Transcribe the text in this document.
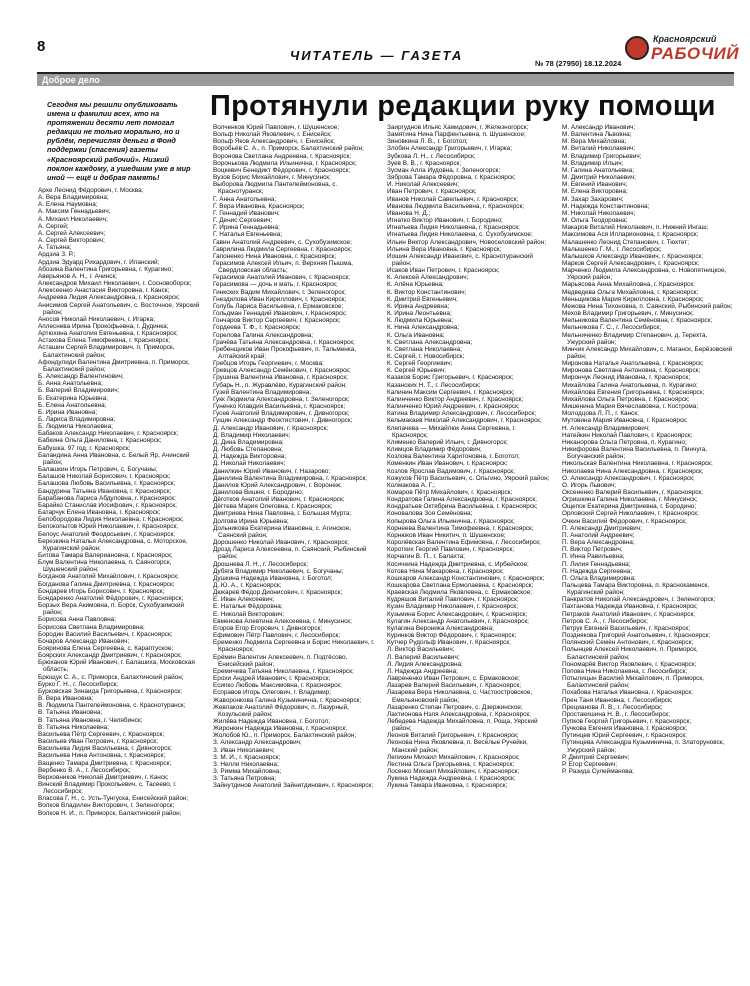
8
ЧИТАТЕЛЬ — ГАЗЕТА
Красноярский
РАБОЧИЙ
№ 78 (27950) 18.12.2024
Доброе дело
Протянули редакции руку помощи
Сегодня мы решили опубликовать имена и фамилии всех, кто на протяжении десяти лет помогал редакции не только морально, но и рублём, перечисляя деньги в Фонд поддержки (спасения) газеты «Красноярский рабочий». Низкий поклон каждому, а ушедшим уже в мир иной — ещё и добрая память!

Архе Леонид Фёдорович, г. Москва;

А. Вера Владимировна;

А. Елена Наумовна;

А. Максим Геннадьевич;

А. Михаил Николаевич;

А. Сергей;

А. Сергей Алексеевич;

А. Сергей Викторович;

А. Татьяна;

Ардзиа З. Р.;

Ардзиа Эдуард Рихардович, г. Иланский;

Абозина Валентина Григорьевна, г. Курагино;

Аверьянов А. Н., г. Ачинск;

Александров Михаил Николаевич, г. Сосновоборск;

Алексеенко Анастасия Викторовна, г. Канск;

Андреева Лидия Александровна, г. Красноярск;

Анисимов Сергей Анатольевич, с. Восточное, Уярский район;

Аносов Николай Николаевич, г. Игарка;

Аплеснева Ирина Прокофьевна, г. Дудинка;

Артюхина Анатолия Евгеньевна, г. Красноярск;

Астахова Елена Тимофеевна, г. Красноярск;

Асташин Сергей Владимирович, п. Приморск, Балахтинский район;

Афондулиди Валентина Дмитриевна, п. Приморск, Балахтинский район;

Б. Александр Валентинович;

Б. Анна Анатольевна;

Б. Валерий Владимирович;

Б. Екатерина Юрьевна;

Б. Елена Анатольевна;

Б. Ирина Ивановна;

Б. Лариса Владимировна;

Б. Людмила Николаевна;

Бабаков Александр Николаевич, г. Красноярск;

Бабкина Ольга Даниловна, г. Красноярск;

Бабушка, 97 год, г. Красноярск;

Баландина Анна Ивановна, с. Белый Яр, Ачинский район;

Балашкин Игорь Петрович, с. Богучаны;

Балашов Николай Борисович, г. Красноярск;

Балашова Любовь Васильевна, г. Красноярск;

Бандурина Татьяна Ивановна, г. Красноярск;

Барабанова Лариса Абдуловна, г. Красноярск;

Барайко Станислав Иосифович, г. Красноярск;

Батарчук Елена Ивановна, г. Красноярск;

Белобородова Лидия Николаевна, г. Красноярск;

Белокопытов Юрий Николаевич, г. Красноярск;

Белоус Анатолий Феодосьевич, г. Красноярск;

Березкина Наталья Александровна, с. Моторское, Курагинский район;

Битова Тамара Валериановна, г. Красноярск;

Блум Валентина Николаевна, п. Саяногорск, Шушенский район;

Богданов Анатолий Михайлович, г. Красноярск;

Богданова Галина Дмитриевна, г. Красноярск;

Бондарев Игорь Борисович, г. Красноярск;

Бондаренко Анатолий Фёдорович, г. Красноярск;

Борзых Вера Акимовна, п. Борск, Сухобузимский район;

Борисова Анна Павловна;

Борисова Светлана Владимировна;

Бородин Василий Васильевич, г. Красноярск;

Бочаров Александр Иванович;

Бояринова Елена Сергеевна, с. Караптуское;

Боярских Александр Дмитриевич, г. Красноярск;

Брюханов Юрий Иванович, г. Балашиха, Московская область;

Брющук С. А., с. Приморск, Балахтинский район;

Бурко Г. Н., г. Лесосибирск;

Бурковская Зинаида Григорьевна, г. Красноярск;

В. Вера Ивановна;

В. Людмила Пантелеймоновна, с. Краснотуранск;

В. Татьяна Ивановна;

В. Татьяна Ивановна, г. Челябинск;

В. Татьяна Николаевна;

Васильева Пётр Сергеевич, г. Красноярск;

Васильев Иван Петрович, г. Красноярск;

Васильева Лидия Васильевна, г. Дивногорск;

Васильева Нина Антоновна, г. Красноярск;

Ващенко Тамара Дмитриевна, г. Красноярск;

Вербенко В. А., г. Лесосибирск;

Верховников Николай Дмитриевич, г. Канск;

Винский Владимир Прокопьевич, с. Тасеево, г. Лесосибирск;

Власова Г. Н., с. Усть-Тунгуска, Енисейский район;

Волков Владилен Викторович, г. Зеленогорск;

Волков Н. И., п. Приморск, Балахтинский район;

Волченков Юрий Павлович, г. Шушенское;

Вольф Николай Яковлевич, г. Енисейск;

Вольф Яков Александрович, г. Енисейск;

Воробьёв С. А., п. Приморск, Балахтинский район;

Воронова Светлана Андреевна, г. Красноярск;

Воронькова Людмила Ильинична, г. Красноярск;

Воцкевич Бенедикт Фёдорович, г. Красноярск;

Вузов Борис Михайлович, г. Минусинск;

Выборова Людмила Пантелеймоновна, с. Краснотуранск;

Г. Анна Анатольевна;

Г. Вера Ивановна, Красноярск;

Г. Геннадий Иванович;

Г. Денис Сергеевич;

Г. Ирина Геннадьевна;

Г. Наталья Евгеньевна;

Гавин Анатолий Андреевич, с. Сухобузимское;

Гаврилина Людмила Сергеевна, г. Красноярск;

Гапоненко Нина Ивановна, г. Красноярск;

Герасимов Алексей Ильич, п. Верхняя Пышма, Свердловская область;

Герасимов Анатолий Иванович, г. Красноярск;

Герасимова — дочь и мать, г. Красноярск;

Гинкских Вадим Михайлович, г. Зеленогорск;

Гнездилова Иван Кириллович, г. Красноярск;

Голубь Лариса Васильевна, г. Ермаковское;

Гольдман Геннадий Иванович, г. Красноярск;

Гончаров Виктор Сергеевич, г. Красноярск;

Гордеева Т. Ф., г. Красноярск;

Горелова Галина Александровна;

Грачёва Татьяна Александровна, г. Красноярск;

Гребенщиков Иван Прокофьевич, п. Тальменка, Алтайский край;

Гребцов Игорь Георгиевич, г. Москва;

Гревцов Александр Семёнович, г. Красноярск;

Грушина Валентина Ивановна, г. Красноярск;

Губарь Н., п. Журавлёво, Курагинский район;

Гузей Валентина Владимировна;

Гукк Людмила Александровна, г. Зеленогорск;

Гуненко Клавдия Васильевна, г. Красноярск;

Гусев Анатолий Владимирович, г. Дивногорск;

Гущин Александр Феоктистович, г. Дивногорск;

Д. Александр Иванович, г. Красноярск;

Д. Владимир Николаевич;

Д. Дина Владимировна;

Д. Любовь Степановна;

Д. Надежда Викторовна;

Д. Николай Николаевич;

Данилкин Юрий Иванович, г. Назарово;

Данилина Валентина Владимировна, г. Красноярск;

Данилов Юрий Александрович, г. Воронеж;

Данилова Вишня, г. Бородино;

Дёготков Анатолий Иванович, г. Красноярск;

Дёгтева Мария Олеговна, г. Красноярск;

Дмитриева Нина Павловна, г. Большая Мурта;

Долгова Ирина Юрьевна;

Дольникова Екатерина Ивановна, с. Агинское, Саянский район;

Дорошенко Николай Иванович, г. Красноярск;

Дрозд Лариса Алексеевна, п. Саянский, Рыбинский район;

Дрошнева Л. Н., г. Лесосибирск;

Дубяга Владимир Николаевич, с. Богучаны;

Душкина Надежда Ивановна, г. Боготол;

Д. Ю. А., г. Красноярск;

Дюкарев Фёдор Дионисович, г. Красноярск;

Е. Иван Алексеевич;

Е. Наталья Фёдоровна;

Е. Николай Викторович;

Евменова Алевтина Алексеевна, г. Минусинск;

Егоров Егор Егорович, г. Дивногорск;

Ефимович Пётр Павлович, г. Лесосибирск;

Еременко Людмила Сергеевна и Борис Николаевич, г. Красноярск;

Ерёмин Валентин Алексеевич, п. Подтёсово, Енисейский район;

Еремичева Татьяна Николаевна, г. Красноярск;

Ерохи Андрей Иванович, г. Красноярск;

Есипко Любовь Максимовна, г. Красноярск;

Есправов Игорь Олегович, г. Владимир;

Жаворонкова Галина Кузьминична, г. Красноярск;

Жевлаков Анатолий Фёдорович, п. Лазурный, Козульский район;

Жилёва Надежда Ивановна, г. Боготол;

Жиронкин Надежда Ивановна, г. Красноярск;

Жолобов Ю., п. Приморск, Балахтинский район;

З. Александр Александрович;

З. Иван Николаевич;

З. М. И., г. Красноярск;

З. Нелли Николаевна;

З. Римма Михайловна;

З. Татьяна Петровна;

Зайнутдинов Анатолий Зайнитдинович, г. Красноярск;

Заиргуднов Ильяс Хамидович, г. Железногорск;

Замятина Нина Парфентьевна, п. Шушенское;

Зиновкина Л. В., г. Боготол;

Злобин Александр Григорьевич, г. Игарка;

Зубкова Л. Н., г. Лесосибирск;

Зуев В. В., г. Красноярск;

Зусман Алла Иудовна, г. Зеленогорск;

Зяброва Тамара Фёдоровна, г. Красноярск;

И. Николай Алексеевич;

Иван Петрович, г. Красноярск;

Иванов Николай Савельевич, г. Красноярск;

Иванова Людмила Васильевна, г. Красноярск;

Иванова Н. Д.;

Игнатко Виктор Иванович, г. Бородино;

Игнатьева Лидия Николаевна, г. Красноярск;

Игнатьева Лидия Николаевна, с. Сухобузимское;

Ильин Виктор Александрович, Новоселовский район;

Ильина Вера Ивановна, г. Красноярск;

Иошин Александр Иванович, с. Краснотуранский район;

Исаков Иван Петрович, г. Красноярск;

К. Алексей Александрович;

К. Алёна Юрьевна;

К. Виктор Константинович;

К. Дмитрий Евгеньевич;

К. Ирина Андреевна;

К. Ирина Леонтьевна;

К. Людмила Юрьевна;

К. Нина Александровна;

К. Ольга Ивановна;

К. Светлана Александровна;

К. Светлана Николаевна;

К. Сергей, г. Новосибирск;

К. Сергей Георгиевич;

К. Сергей Юрьевич;

Казаков Борис Григорьевич, г. Красноярск;

Казанских Н. Т., г. Лесосибирск;

Калинин Максим Сергеевич, г. Красноярск;

Калинченко Виктор Андреевич, г. Красноярск;

Калинченко Юрий Андреевич, г. Красноярск;

Катина Владимир Александрович, г. Лесосибирск;

Кельмакаев Николай Александрович, г. Красноярск;

Клепачева — Михайлюк Анна Сергеевна, г. Красноярск;

Клименко Валерий Ильич, г. Дивногорск;

Климцов Владимир Фёдорович;

Козлова Валентина Харитоновна, г. Боготол;

Коменкин Иван Иванович, г. Красноярск;

Козлов Ярослав Вадимович, г. Красноярск;

Кожухов Пётр Васильевич, с. Ольгино, Уярский район;

Колмакова А. Г.;

Комаров Пётр Михайлович, г. Красноярск;

Кондратова Галина Александровна, г. Красноярск;

Кондратьев Октябрина Васильевна, г. Красноярск;

Коновалова Зоя Семёновна;

Копырова Ольга Ильинична, г. Красноярск;

Корнеева Валентина Тимофеевна, г. Красноярск;

Корнюков Иван Никитич, п. Шушенское;

Королёвская Валентина Ефимовна, г. Лесосибирск;

Коротких Георгий Павлович, г. Красноярск;

Корчагин В. П., г. Балахта;

Косичкина Надежда Дмитриевна, с. Ирбейское;

Котова Нина Макаровна, г. Красноярск;

Кошкаров Александр Константинович, г. Красноярск;

Кошкарова Светлана Ермолаевна, г. Красноярск;

Краевская Людмила Яковлевна, с. Ермаковское;

Кудряшов Виталий Павлович, г. Красноярск;

Кузин Владимир Николаевич, г. Красноярск;

Кузьмина Борис Александрович, г. Красноярск;

Кулагин Александр Анатольевич, г. Красноярск;

Кулагина Вероника Александровна;

Куринков Виктор Фёдорович, г. Красноярск;

Кутчер Рудольф Иванович, г. Красноярск;

Л. Виктор Васильевич;

Л. Валерий Васильевич;

Л. Лидия Александровна;

Л. Надежда Андреевна;

Лаврененко Иван Петрович, с. Ермаковское;

Лазарев Валерий Васильевич, г. Красноярск;

Лазарева Вера Николаевна, с. Частоостровское, Емельяновский район;

Лазаренко Степан Петрович, с. Дзержинское;

Лахтионова Нэля Александровна, г. Красноярск;

Лебедева Надежда Михайловна, п. Роща, Уярский район;

Леонов Виталий Григорьевич, г. Красноярск;

Леонова Нина Яковлевна, п. Весёлые Ручейки, Манский район;

Лепихин Михаил Михайлович, г. Красноярск;

Лестина Ольга Григорьевна, г. Красноярск;

Лосенко Михаил Михайлович, г. Красноярск;

Лукина Надежда Андреевна, г. Красноярск;

Лукина Тамара Ивановна, г. Красноярск;

М. Александр Иванович;

М. Валентина Львовна;

М. Вера Михайловна;

М. Виталий Николаевич;

М. Владимир Григорьевич;

М. Владимир Ильич;

М. Галина Анатольевна;

М. Дмитрий Николаевич;

М. Евгений Иванович;

М. Елена Викторовна;

М. Захар Захарович;

М. Надежда Константиновна;

М. Николай Николаевич;

М. Ольга Теодоровна;

Макаров Виталий Николаевич, п. Нижний Ингаш;

Максимова Ася Илларионовна, г. Красноярск;

Малашенко Леонид Степанович, г. Тюхтет;

Малышенко Г. М., г. Лесосибирск;

Малышков Александр Иванович, г. Красноярск;

Марков Сергей Александрович, г. Красноярск;

Марченко Людмила Александровна, с. Новопятницкое, Уярский район;

Марьясова Анна Михайловна, г. Красноярск;

Медведева Ольга Михайловна, г. Красноярск;

Меньщикова Мария Кирилловна, г. Красноярск;

Межова Нина Тихоновна, п. Саянский, Рыбинский район;

Мехов Владимир Григорьевич, г. Минусинск;

Мельникова Валентина Семёновна, г. Красноярск;

Мельникова Г. С., г. Лесосибирск;

Мельниченко Владимир Степанович, д. Терехта, Ужурский район;

Минчик Александр Михайлович, с. Маганск, Берёзовский район;

Миронова Наталья Анатольевна, г. Красноярск;

Миронова Светлана Антоновна, г. Красноярск;

Мирончук Леонид Ивановна, г. Красноярск;

Михайлова Галина Анатольевна, п. Курагино;

Михайлова Евгения Григорьевна, г. Красноярск;

Михайлова Ольга Петровна, г. Красноярск;

Мишенина Мария Вячеславовна, г. Кострома;

Молодцова Л. П., г. Канск;

Мутовина Мария Ивановна, г. Красноярск;

Н. Александр Владимирович;

Натейкин Николай Павлович, г. Красноярск;

Никанорова Ольга Петровна, п. Курагино;

Никифорова Валентина Васильевна, п. Пинчуга, Богучанский район;

Никольская Валентина Николаевна, г. Красноярск;

Николаева Нина Александровна, г. Красноярск;

О. Александр Александрович, г. Красноярск;

О. Игорь Львович;

Оксененко Валерий Васильевич, г. Красноярск;

Огришкина Галина Николаевна, г. Минусинск;

Ощепок Екатерина Дмитриевна, г. Бородино;

Орловский Сергей Николаевич, г. Красноярск;

Очкин Василий Фёдорович, г. Красноярск;

П. Александр Дмитриевич;

П. Анатолий Андреевич;

П. Вера Александровна;

П. Виктор Петрович;

П. Инна Равильевна;

П. Лилия Геннадьевна;

П. Надежда Сергеевна;

П. Ольга Владимировна;

Пальцева Тамара Викторовна, п. Краснокаменск, Курагинский район;

Панкратов Николай Александрович, г. Зеленогорск;

Пахтанова Надежда Ивановна, г. Красноярск;

Петраков Анатолий Иванович, г. Красноярск;

Петров С. А., г. Лесосибирск;

Петрук Евгений Васильевич, г. Красноярск;

Позднякова Григорий Анатольевич, г. Красноярск;

Полянский Семён Антонович, г. Красноярск;

Полынцев Алексей Николаевич, п. Приморск, Балахтинский район;

Пономарёв Виктор Яковлевич, г. Красноярск;

Попова Нина Николаевна, г. Лесосибирск;

Потылицын Василий Михайлович, п. Приморск, Балахтинский район;

Похабова Наталья Ивановна, г. Красноярск;

Прен Таня Ивановна, г. Лесосибирск;

Прецианова Л. В., г. Лесосибирск;

Простакишина Н. В., г. Лесосибирск;

Пупков Георгий Григорьевич, г. Красноярск;

Пучкова Евгения Ивановна, г. Красноярск;

Путинцев Юрий Сергеевич, г. Красноярск;

Путинцева Александра Кузьминична, п. Златоруновск, Ужурский район;

Р. Дмитрий Сергеевич;

Р. Егор Сергеевич;

Р. Разида Сулейманова;
